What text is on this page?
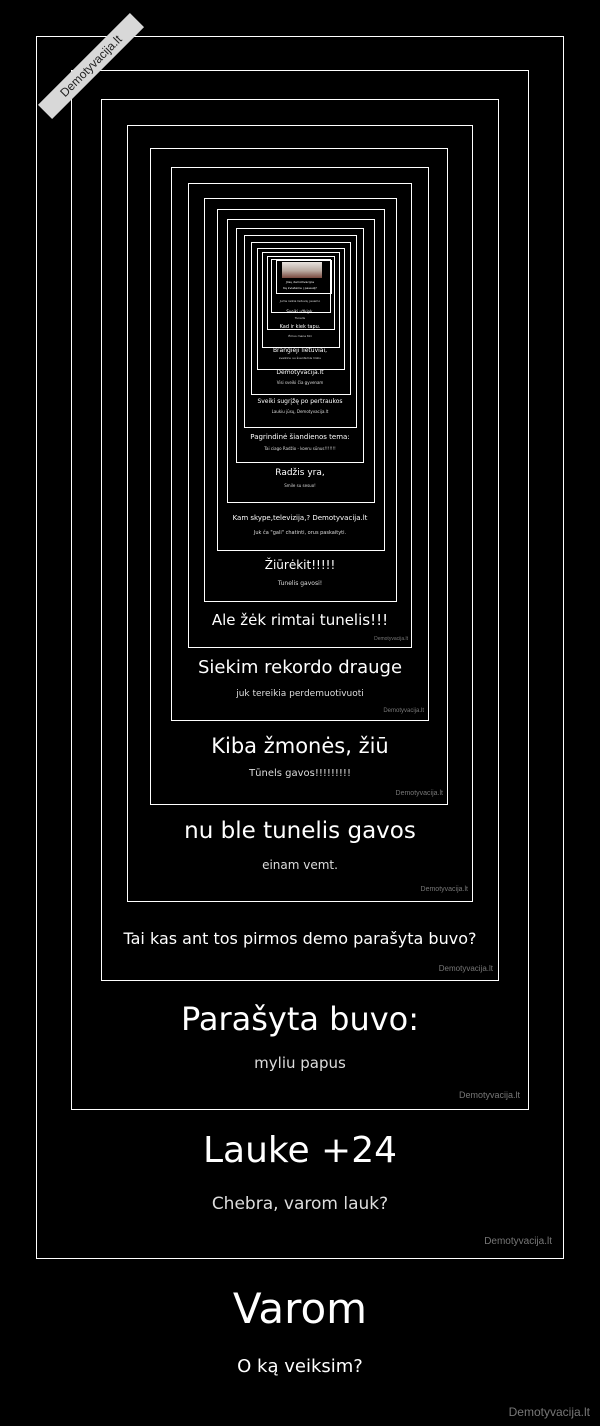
Jūsų demotivacijos
Ką kvietėme į pasaulį?
Jums reikia lietuvių jausmo
Sveiki užkipk.
Tunelis
Kad ir kiek tapu.
Ėmus mane tiki
Brangieji lietuviai,
sveikinu su šventėmis linkiu
Demotyvacija.lt
Visi sveiki čia gyvenam
Sveiki sugrįžę po pertraukos
Laukiu jūsų, Demotyvacija.lt
Pagrindinė šiandienos tema:
Tai ciago Radžio - koeru sūnus!!!!!!!
Radžis yra,
Smile su sesuo!
Kam skype,televizija,? Demotyvacija.lt
Juk ča "gali" chatinti, orus paskaityti.
Žiūrėkit!!!!!
Tunelis gavosi!
Ale žėk rimtai tunelis!!!
Demotyvacija.lt
Siekim rekordo drauge
juk tereikia perdemuotivuoti
Demotyvacija.lt
Kiba žmonės, žiū
Tūnels gavos!!!!!!!!!
Demotyvacija.lt
nu ble tunelis gavos
einam vemt.
Demotyvacija.lt
Tai kas ant tos pirmos demo parašyta buvo?
Demotyvacija.lt
Parašyta buvo:
myliu papus
Demotyvacija.lt
Lauke +24
Chebra, varom lauk?
Demotyvacija.lt
Varom
O ką veiksim?
Demotyvacija.lt
Demotyvacija.lt
